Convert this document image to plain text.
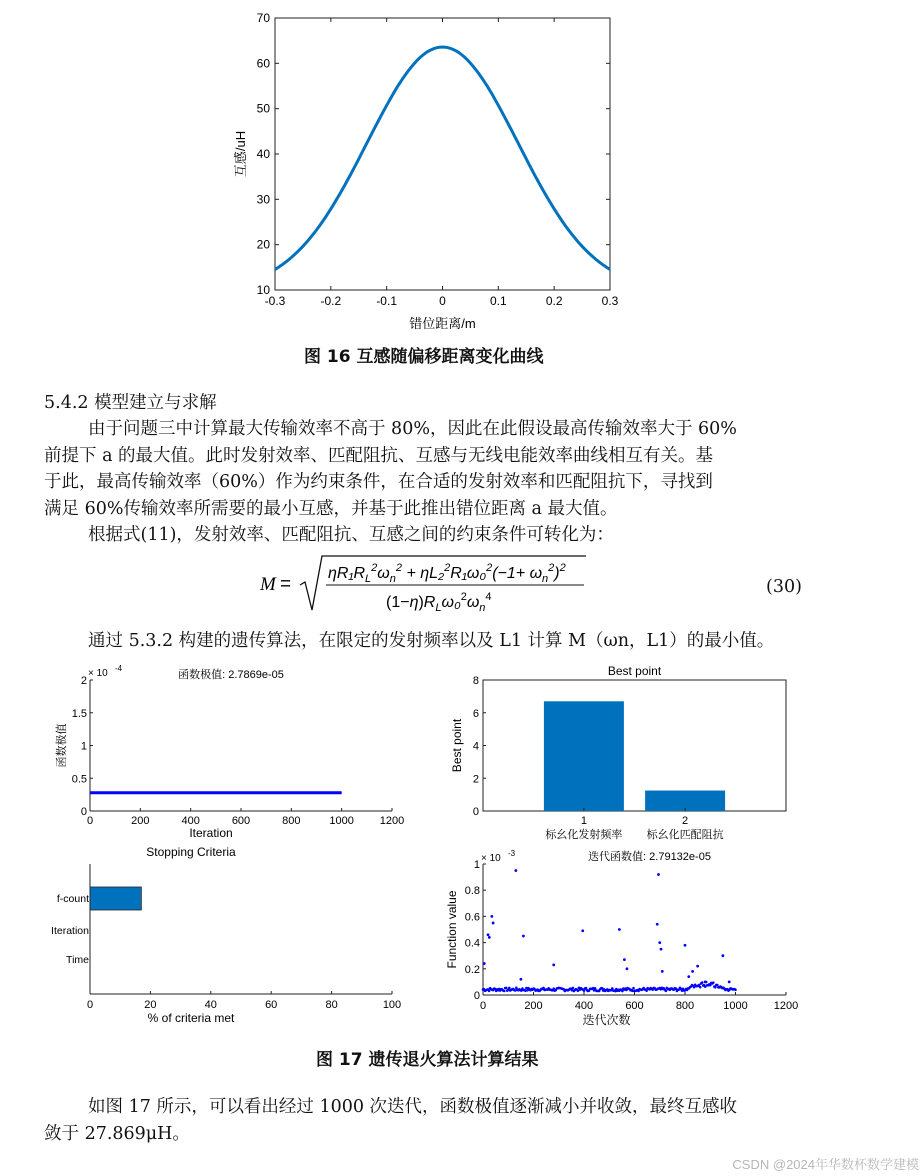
-0.3	-0.2	-0.1	0	0.1	0.2	0.3
10
20
30
40
50
60
70
错位距离/m
互感/uH
图 16 互感随偏移距离变化曲线
5.4.2 模型建立与求解
由于问题三中计算最大传输效率不高于 80%，因此在此假设最高传输效率大于 60%
前提下 a 的最大值。此时发射效率、匹配阻抗、互感与无线电能效率曲线相互有关。基
于此，最高传输效率（60%）作为约束条件，在合适的发射效率和匹配阻抗下，寻找到
满足 60%传输效率所需要的最小互感，并基于此推出错位距离 a 最大值。
根据式(11)，发射效率、匹配阻抗、互感之间的约束条件可转化为：
M =
$\eta R_1R_L^2\omega_n^2 + \eta L_2^2R_1\omega_0^2(-1+ \omega_n^2)^2$
$(1-\eta)R_L\omega_0^2\omega_n^4$	(30)
通过 5.3.2 构建的遗传算法，在限定的发射频率以及 L1 计算 M（ωn，L1）的最小值。
0	200	400	600	800	1000 1200
0
0.5
1
1.5
2
× 10 -4
函数极值: 2.7869e-05
Iteration
函数极值
0
2
4
6
8
1
标幺化发射频率
2
标幺化匹配阻抗
Best point
Best point
0	20	40	60	80	100
f-count
Iteration
Time
Stopping Criteria
% of criteria met
0	200	400	600	800	1000 1200
0
0.2
0.4
0.6
0.8
1
× 10 -3	迭代函数值: 2.79132e-05
迭代次数
Function value
图 17 遗传退火算法计算结果
如图 17 所示，可以看出经过 1000 次迭代，函数极值逐渐减小并收敛，最终互感收
敛于 27.869μH。
CSDN @2024年华数杯数学建模
